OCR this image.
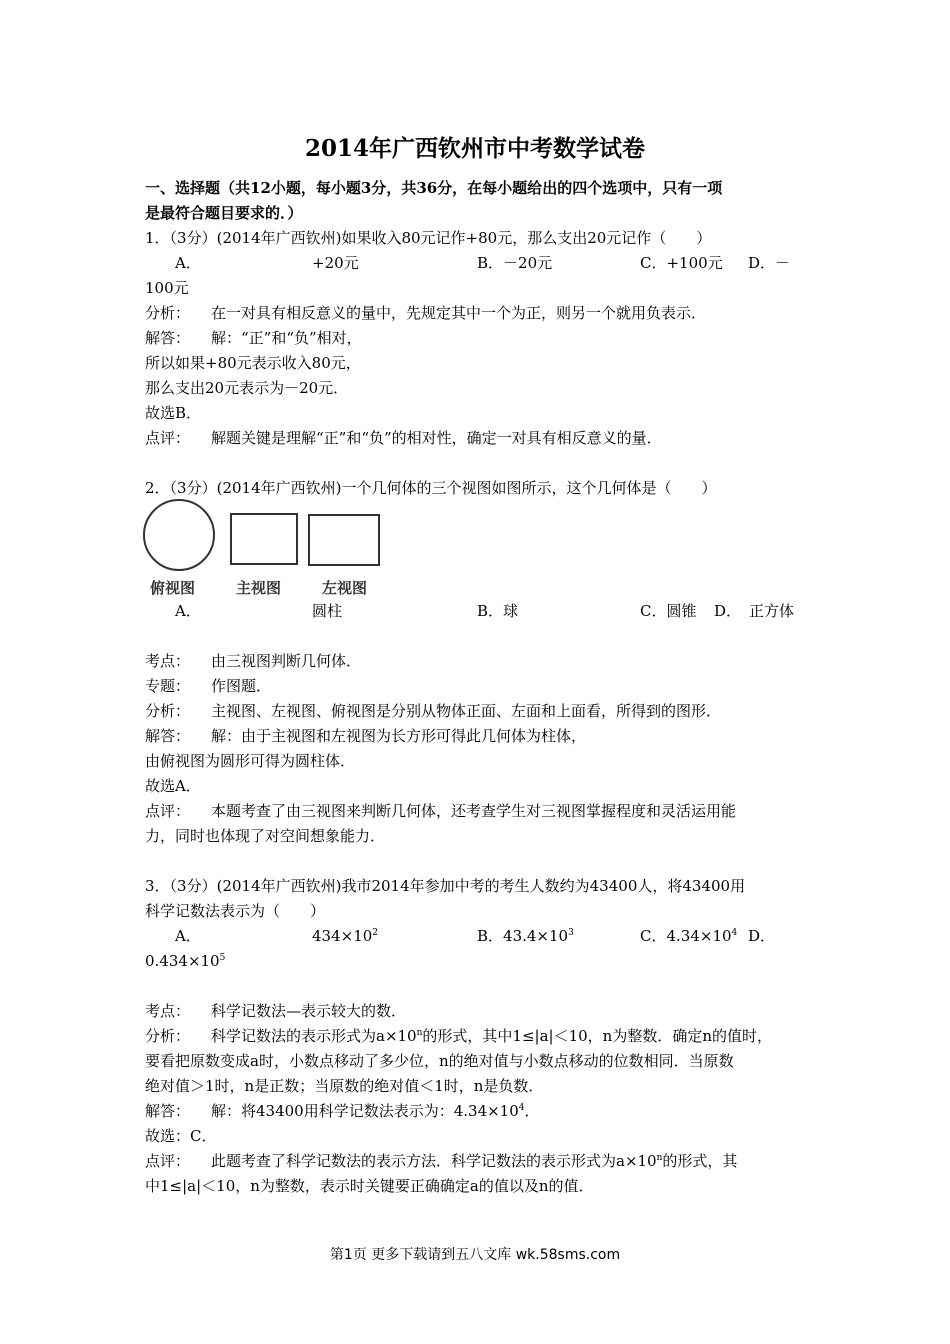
2014年广西钦州市中考数学试卷
一、选择题（共12小题，每小题3分，共36分，在每小题给出的四个选项中，只有一项
是最符合题目要求的．）
1．（3分）(2014年广西钦州)如果收入80元记作+80元，那么支出20元记作（　　）
A．	+20元	B．－20元	C．+100元 D．－
100元
分析： 在一对具有相反意义的量中，先规定其中一个为正，则另一个就用负表示．
解答： 解：“正”和“负”相对，
所以如果+80元表示收入80元，
那么支出20元表示为－20元．
故选B．
点评： 解题关键是理解“正”和“负”的相对性，确定一对具有相反意义的量．
2．（3分）(2014年广西钦州)一个几何体的三个视图如图所示，这个几何体是（　　）
俯视图	主视图	左视图
A．	圆柱	B．球	C．圆锥 D． 正方体
考点： 由三视图判断几何体．
专题： 作图题．
分析： 主视图、左视图、俯视图是分别从物体正面、左面和上面看，所得到的图形．
解答： 解：由于主视图和左视图为长方形可得此几何体为柱体，
由俯视图为圆形可得为圆柱体．
故选A．
点评： 本题考查了由三视图来判断几何体，还考查学生对三视图掌握程度和灵活运用能
力，同时也体现了对空间想象能力．
3．（3分）(2014年广西钦州)我市2014年参加中考的考生人数约为43400人，将43400用
科学记数法表示为（　　）
A．	$434\times 10^2$	B．$43.4\times 10^3$	C．$4.34\times 10^4$ D．
$0.434\times 10^5$
考点： 科学记数法—表示较大的数．
分析： 科学记数法的表示形式为$a\times 10^n$的形式，其中1≤|a|＜10，n为整数．确定n的值时，
要看把原数变成a时，小数点移动了多少位，n的绝对值与小数点移动的位数相同．当原数
绝对值＞1时，n是正数；当原数的绝对值＜1时，n是负数．
解答： 解：将43400用科学记数法表示为：$4.34\times 10^4$．
故选：C．
点评： 此题考查了科学记数法的表示方法．科学记数法的表示形式为$a\times 10^n$的形式，其
中1≤|a|＜10，n为整数，表示时关键要正确确定a的值以及n的值．
第1页 更多下载请到五八文库 wk.58sms.com
